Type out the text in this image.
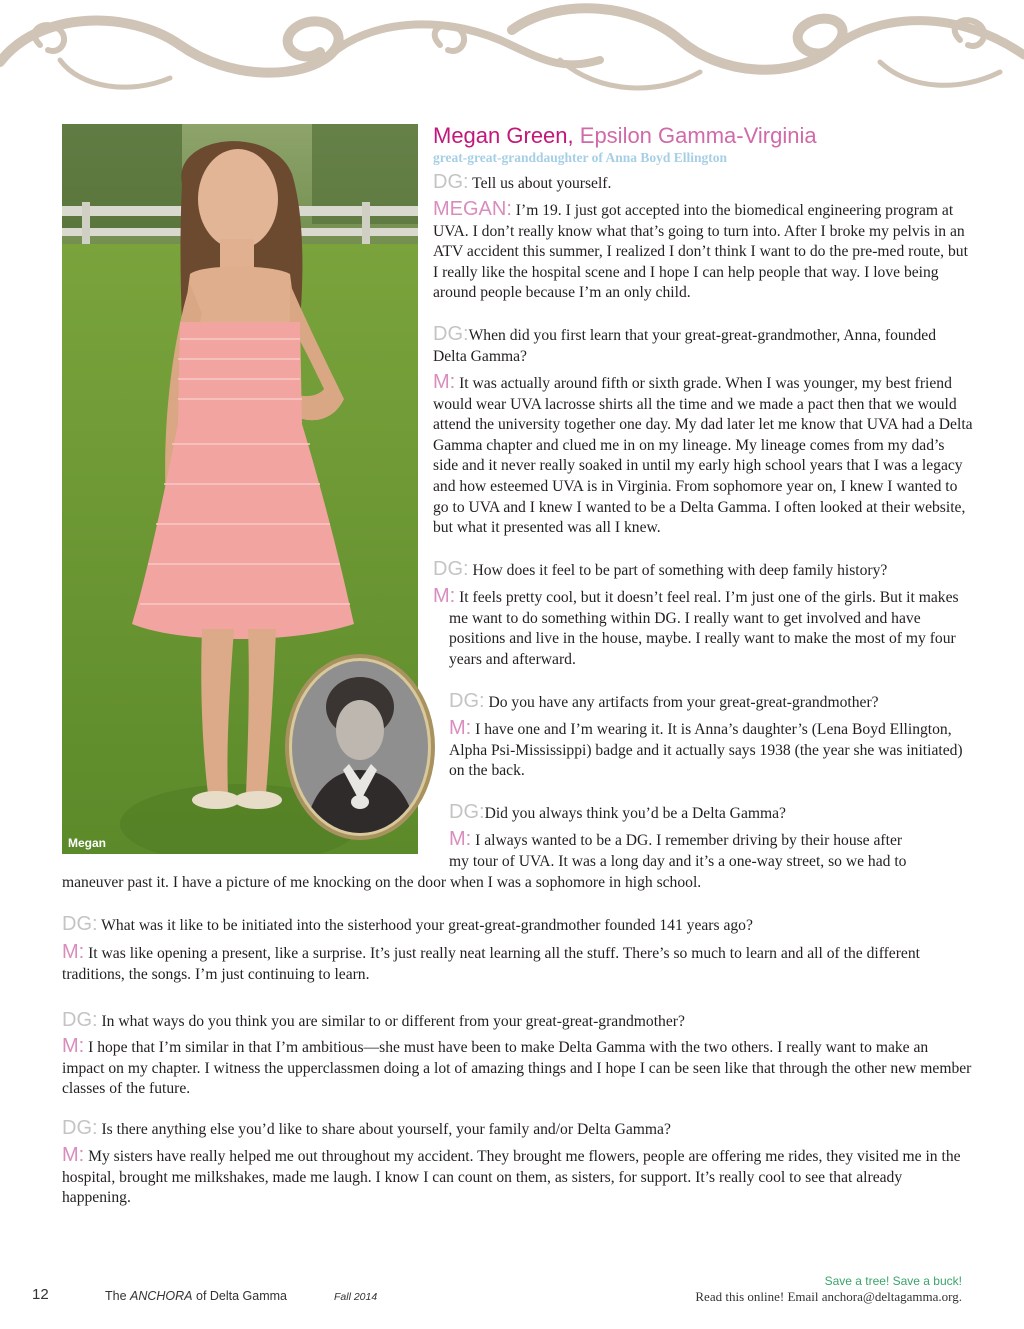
Megan
Megan Green, Epsilon Gamma-Virginia
great-great-granddaughter of Anna Boyd Ellington

DG: Tell us about yourself.

MEGAN: I’m 19. I just got accepted into the biomedical engineering program at UVA. I don’t really know what that’s going to turn into. After I broke my pelvis in an ATV accident this summer, I realized I don’t think I want to do the pre-med route, but I really like the hospital scene and I hope I can help people that way. I love being around people because I’m an only child.

DG:When did you first learn that your great-great-grandmother, Anna, founded Delta Gamma?

M: It was actually around fifth or sixth grade. When I was younger, my best friend would wear UVA lacrosse shirts all the time and we made a pact then that we would attend the university together one day. My dad later let me know that UVA had a Delta Gamma chapter and clued me in on my lineage. My lineage comes from my dad’s side and it never really soaked in until my early high school years that I was a legacy and how esteemed UVA is in Virginia. From sophomore year on, I knew I wanted to go to UVA and I knew I wanted to be a Delta Gamma. I often looked at their website, but what it presented was all I knew.

DG: How does it feel to be part of something with deep family history?

M: It feels pretty cool, but it doesn’t feel real. I’m just one of the girls. But it makes me want to do something within DG. I really want to get involved and have positions and live in the house, maybe. I really want to make the most of my four years and afterward.

DG: Do you have any artifacts from your great-great-grandmother?

M: I have one and I’m wearing it. It is Anna’s daughter’s (Lena Boyd Ellington, Alpha Psi-Mississippi) badge and it actually says 1938 (the year she was initiated) on the back.

DG:Did you always think you’d be a Delta Gamma?

M: I always wanted to be a DG. I remember driving by their house after

my tour of UVA. It was a long day and it’s a one-way street, so we had to

maneuver past it. I have a picture of me knocking on the door when I was a sophomore in high school.

DG: What was it like to be initiated into the sisterhood your great-great-grandmother founded 141 years ago?

M: It was like opening a present, like a surprise. It’s just really neat learning all the stuff. There’s so much to learn and all of the different traditions, the songs. I’m just continuing to learn.

DG: In what ways do you think you are similar to or different from your great-great-grandmother?

M: I hope that I’m similar in that I’m ambitious—she must have been to make Delta Gamma with the two others. I really want to make an impact on my chapter. I witness the upperclassmen doing a lot of amazing things and I hope I can be seen like that through the other new member classes of the future.

DG: Is there anything else you’d like to share about yourself, your family and/or Delta Gamma?

M: My sisters have really helped me out throughout my accident. They brought me flowers, people are offering me rides, they visited me in the hospital, brought me milkshakes, made me laugh. I know I can count on them, as sisters, for support. It’s really cool to see that already happening.

12	The ANCHORA of Delta Gamma	Fall 2014
Save a tree! Save a buck!
Read this online! Email anchora@deltagamma.org.
